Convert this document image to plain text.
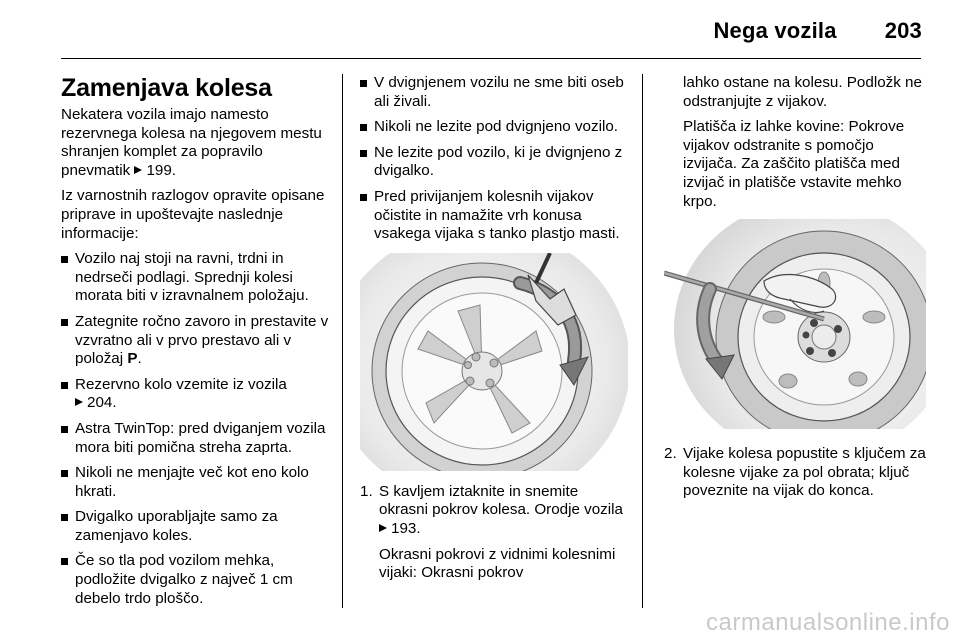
Nega vozila 203
Zamenjava kolesa

Nekatera vozila imajo namesto rezervnega kolesa na njegovem mestu shranjen komplet za popravilo pnevmatik 199.

Iz varnostnih razlogov opravite opisane priprave in upoštevajte naslednje informacije:

Vozilo naj stoji na ravni, trdni in nedrseči podlagi. Sprednji kolesi morata biti v izravnalnem položaju.
Zategnite ročno zavoro in prestavite v vzvratno ali v prvo prestavo ali v položaj P.
Rezervno kolo vzemite iz vozila
204.
Astra TwinTop: pred dviganjem vozila mora biti pomična streha zaprta.
Nikoli ne menjajte več kot eno kolo hkrati.
Dvigalko uporabljajte samo za zamenjavo koles.
Če so tla pod vozilom mehka, podložite dvigalko z največ 1 cm debelo trdo ploščo.
V dvignjenem vozilu ne sme biti oseb ali živali.
Nikoli ne lezite pod dvignjeno vozilo.
Ne lezite pod vozilo, ki je dvignjeno z dvigalko.
Pred privijanjem kolesnih vijakov očistite in namažite vrh konusa vsakega vijaka s tanko plastjo masti.
1. S kavljem iztaknite in snemite okrasni pokrov kolesa. Orodje vozila 193.

Okrasni pokrovi z vidnimi kolesnimi vijaki: Okrasni pokrov

lahko ostane na kolesu. Podložk ne odstranjujte z vijakov.

Platišča iz lahke kovine: Pokrove vijakov odstranite s pomočjo izvijača. Za zaščito platišča med izvijač in platišče vstavite mehko krpo.

2. Vijake kolesa popustite s ključem za kolesne vijake za pol obrata; ključ poveznite na vijak do konca.

carmanualsonline.info
